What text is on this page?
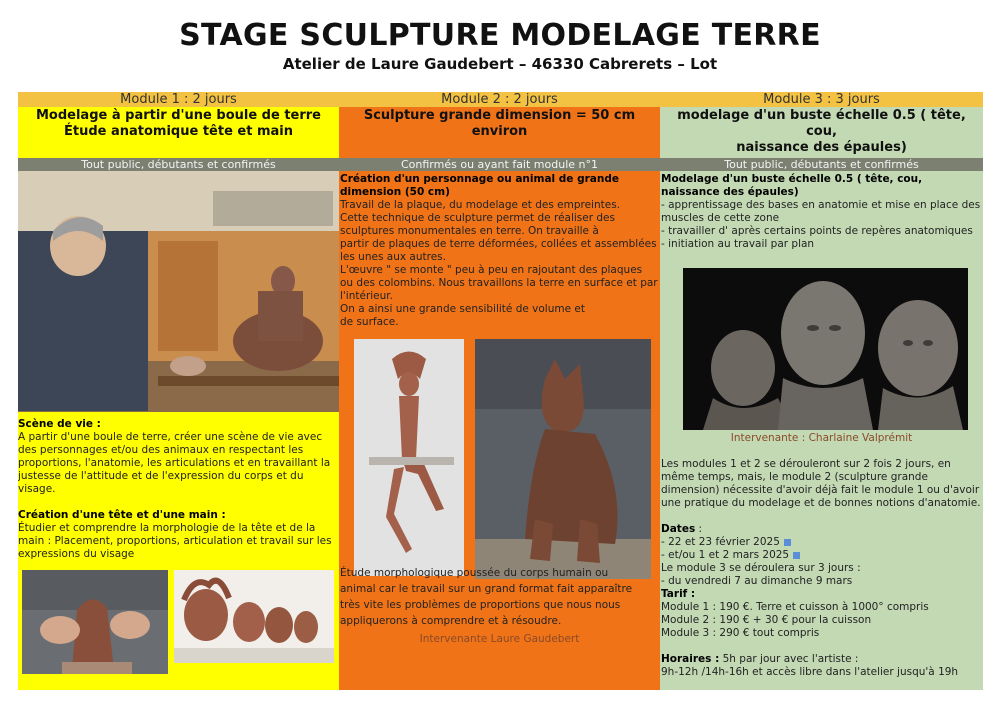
STAGE SCULPTURE MODELAGE TERRE
Atelier de Laure Gaudebert – 46330 Cabrerets – Lot
Module 1 : 2 jours
Modelage à partir d'une boule de terre
Étude anatomique tête et main
Tout public, débutants et confirmés

Scène de vie :

A partir d'une boule de terre, créer une scène de vie avec des personnages et/ou des animaux en respectant les proportions, l'anatomie, les articulations et en travaillant la justesse de l'attitude et de l'expression du corps et du visage.

Création d'une tête et d'une main :

Étudier et comprendre la morphologie de la tête et de la main : Placement, proportions, articulation et travail sur les expressions du visage

Module 2 : 2 jours
Sculpture grande dimension = 50 cm environ
Confirmés ou ayant fait module n°1

Création d'un personnage ou animal de grande dimension (50 cm)

Travail de la plaque, du modelage et des empreintes.

Cette technique de sculpture permet de réaliser des sculptures monumentales en terre. On travaille à

partir de plaques de terre déformées, collées et assemblées les unes aux autres.

L'œuvre " se monte " peu à peu en rajoutant des plaques ou des colombins. Nous travaillons la terre en surface et par l'intérieur.

On a ainsi une grande sensibilité de volume et de surface.

Étude morphologique poussée du corps humain ou animal car le travail sur un grand format fait apparaître très vite les problèmes de proportions que nous nous appliquerons à comprendre et à résoudre.
Intervenante Laure Gaudebert
Module 3 : 3 jours
modelage d'un buste échelle 0.5 ( tête, cou,
naissance des épaules)
Tout public, débutants et confirmés

Modelage d'un buste échelle 0.5 ( tête, cou, naissance des épaules)

- apprentissage des bases en anatomie et mise en place des muscles de cette zone

- travailler d' après certains points de repères anatomiques

- initiation au travail par plan

Intervenante : Charlaine Valprémit

Les modules 1 et 2 se dérouleront sur 2 fois 2 jours, en même temps, mais, le module 2 (sculpture grande dimension) nécessite d'avoir déjà fait le module 1 ou d'avoir une pratique du modelage et de bonnes notions d'anatomie.

Dates :

- 22 et 23 février 2025

- et/ou 1 et 2 mars 2025

Le module 3 se déroulera sur 3 jours :

- du vendredi 7 au dimanche 9 mars

Tarif :

Module 1 : 190 €. Terre et cuisson à 1000° compris

Module 2 : 190 € + 30 € pour la cuisson

Module 3 : 290 € tout compris

Horaires : 5h par jour avec l'artiste :

9h-12h /14h-16h et accès libre dans l'atelier jusqu'à 19h
